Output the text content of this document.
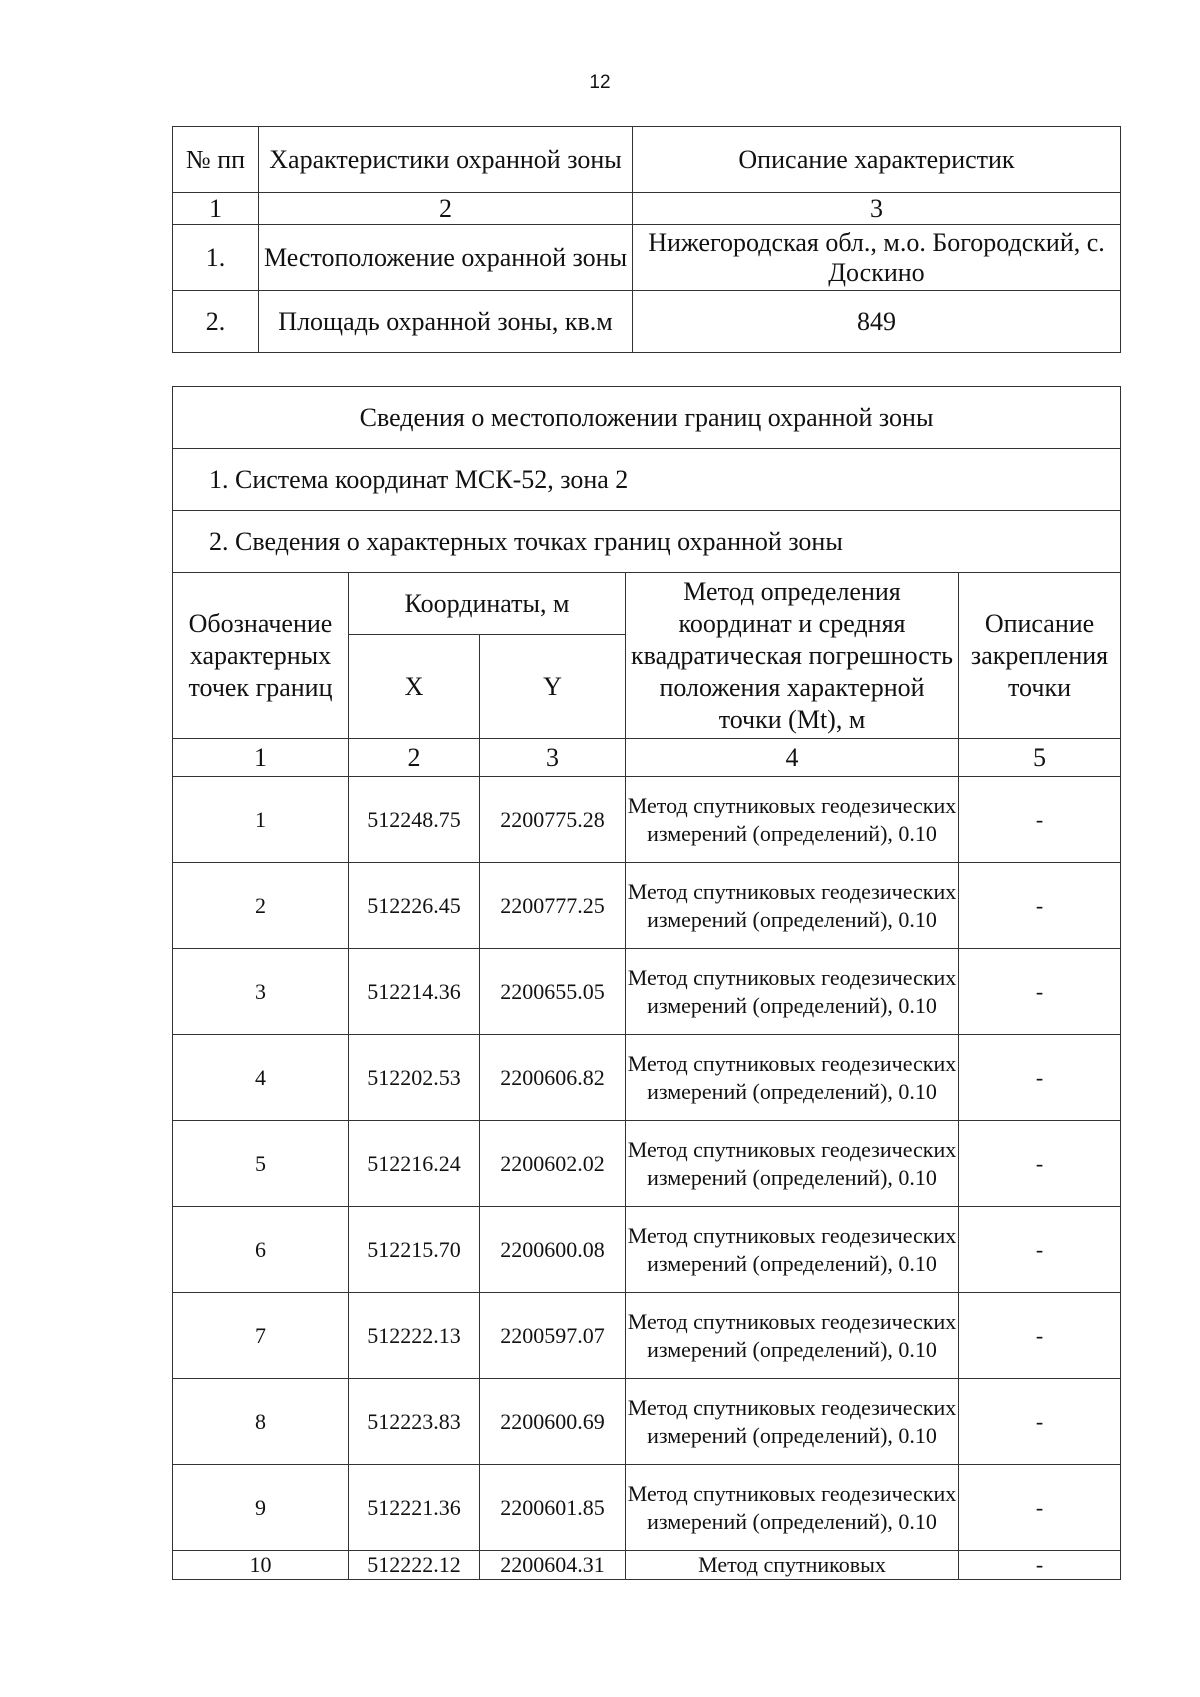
12
№ пп	Характеристики охранной зоны	Описание характеристик
1	2	3
1.	Местоположение охранной зоны	Нижегородская обл., м.о. Богородский, с. Доскино
2.	Площадь охранной зоны, кв.м	849
Сведения о местоположении границ охранной зоны				
1. Система координат МСК-52, зона 2				
2. Сведения о характерных точках границ охранной зоны				
Обозначение характерных точек границ	Координаты, м		Метод определения координат и средняя квадратическая погрешность положения характерной точки (Mt), м	Описание закрепления точки
	X	Y		
1	2	3	4	5
1	512248.75	2200775.28	Метод спутниковых геодезических измерений (определений), 0.10	-
2	512226.45	2200777.25	Метод спутниковых геодезических измерений (определений), 0.10	-
3	512214.36	2200655.05	Метод спутниковых геодезических измерений (определений), 0.10	-
4	512202.53	2200606.82	Метод спутниковых геодезических измерений (определений), 0.10	-
5	512216.24	2200602.02	Метод спутниковых геодезических измерений (определений), 0.10	-
6	512215.70	2200600.08	Метод спутниковых геодезических измерений (определений), 0.10	-
7	512222.13	2200597.07	Метод спутниковых геодезических измерений (определений), 0.10	-
8	512223.83	2200600.69	Метод спутниковых геодезических измерений (определений), 0.10	-
9	512221.36	2200601.85	Метод спутниковых геодезических измерений (определений), 0.10	-
10	512222.12	2200604.31	Метод спутниковых	-
